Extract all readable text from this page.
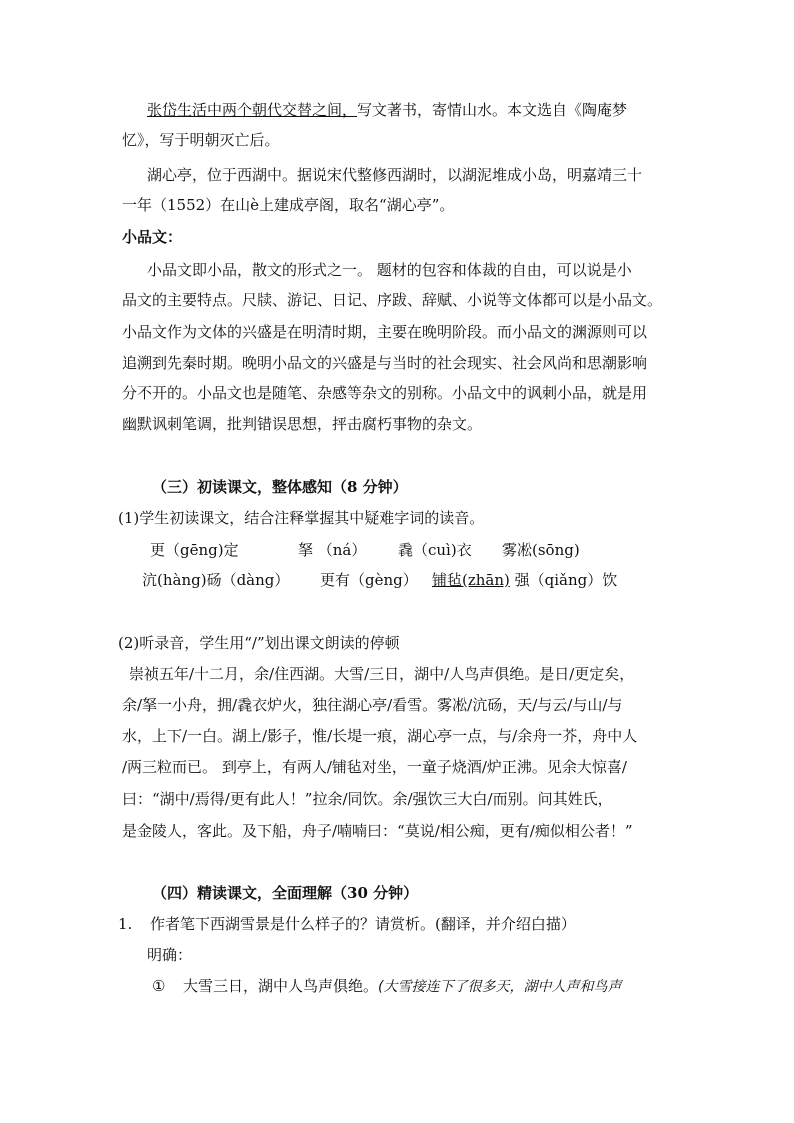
张岱生活中两个朝代交替之间，写文著书，寄情山水。本文选自《陶庵梦
忆》，写于明朝灭亡后。
湖心亭，位于西湖中。据说宋代整修西湖时，以湖泥堆成小岛，明嘉靖三十
一年（1552）在山è上建成亭阁，取名“湖心亭”。
小品文：
小品文即小品，散文的形式之一。 题材的包容和体裁的自由，可以说是小
品文的主要特点。尺牍、游记、日记、序跋、辞赋、小说等文体都可以是小品文。
小品文作为文体的兴盛是在明清时期，主要在晚明阶段。而小品文的渊源则可以
追溯到先秦时期。晚明小品文的兴盛是与当时的社会现实、社会风尚和思潮影响
分不开的。小品文也是随笔、杂感等杂文的别称。小品文中的讽刺小品，就是用
幽默讽刺笔调，批判错误思想，抨击腐朽事物的杂文。
（三）初读课文，整体感知（8 分钟）
(1)学生初读课文，结合注释掌握其中疑难字词的读音。
更（gēng)定	拏 （ná） 毳（cuì)衣 雾凇(sōng)
沆(hàng)砀（dàng） 更有（gèng） 铺毡(zhān) 强（qiǎng）饮
(2)听录音，学生用“/”划出课文朗读的停顿
崇祯五年/十二月，余/住西湖。大雪/三日，湖中/人鸟声俱绝。是日/更定矣，
余/拏一小舟，拥/毳衣炉火，独往湖心亭/看雪。雾凇/沆砀，天/与云/与山/与
水，上下/一白。湖上/影子，惟/长堤一痕，湖心亭一点，与/余舟一芥，舟中人
/两三粒而已。 到亭上，有两人/铺毡对坐，一童子烧酒/炉正沸。见余大惊喜/
曰：“湖中/焉得/更有此人！”拉余/同饮。余/强饮三大白/而别。问其姓氏，
是金陵人，客此。及下船，舟子/喃喃曰：“莫说/相公痴，更有/痴似相公者！”
（四）精读课文，全面理解（30 分钟）
1. 作者笔下西湖雪景是什么样子的？请赏析。(翻译，并介绍白描）
明确：
① 大雪三日，湖中人鸟声俱绝。(大雪接连下了很多天，湖中人声和鸟声
